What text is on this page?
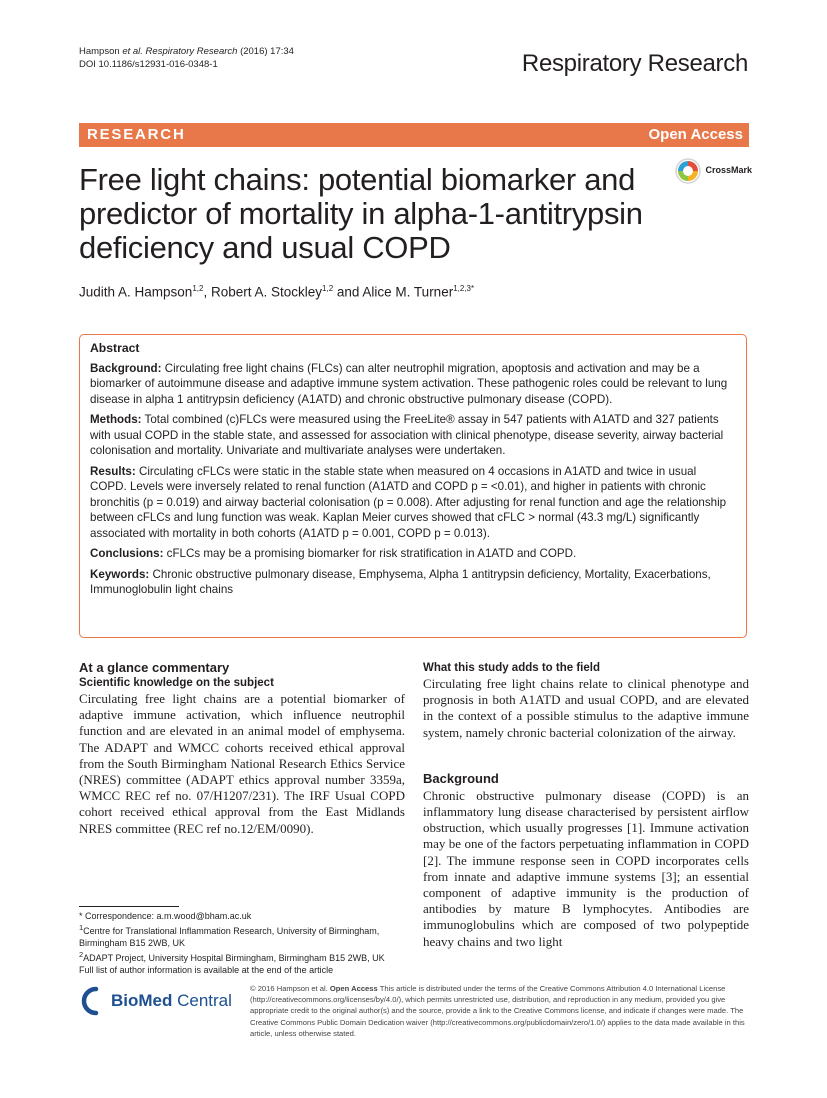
Hampson et al. Respiratory Research (2016) 17:34
DOI 10.1186/s12931-016-0348-1	Respiratory Research
RESEARCH	Open Access
CrossMark
Free light chains: potential biomarker and predictor of mortality in alpha-1-antitrypsin deficiency and usual COPD
Judith A. Hampson$^{1,2}$, Robert A. Stockley$^{1,2}$ and Alice M. Turner$^{1,2,3*}$

Abstract

Background: Circulating free light chains (FLCs) can alter neutrophil migration, apoptosis and activation and may be a biomarker of autoimmune disease and adaptive immune system activation. These pathogenic roles could be relevant to lung disease in alpha 1 antitrypsin deficiency (A1ATD) and chronic obstructive pulmonary disease (COPD).

Methods: Total combined (c)FLCs were measured using the FreeLite® assay in 547 patients with A1ATD and 327 patients with usual COPD in the stable state, and assessed for association with clinical phenotype, disease severity, airway bacterial colonisation and mortality. Univariate and multivariate analyses were undertaken.

Results: Circulating cFLCs were static in the stable state when measured on 4 occasions in A1ATD and twice in usual COPD. Levels were inversely related to renal function (A1ATD and COPD p = <0.01), and higher in patients with chronic bronchitis (p = 0.019) and airway bacterial colonisation (p = 0.008). After adjusting for renal function and age the relationship between cFLCs and lung function was weak. Kaplan Meier curves showed that cFLC > normal (43.3 mg/L) significantly associated with mortality in both cohorts (A1ATD p = 0.001, COPD p = 0.013).

Conclusions: cFLCs may be a promising biomarker for risk stratification in A1ATD and COPD.

Keywords: Chronic obstructive pulmonary disease, Emphysema, Alpha 1 antitrypsin deficiency, Mortality, Exacerbations, Immunoglobulin light chains

At a glance commentary
Scientific knowledge on the subject
Circulating free light chains are a potential biomarker of adaptive immune activation, which influence neutrophil function and are elevated in an animal model of emphysema. The ADAPT and WMCC cohorts received ethical approval from the South Birmingham National Research Ethics Service (NRES) committee (ADAPT ethics approval number 3359a, WMCC REC ref no. 07/H1207/231). The IRF Usual COPD cohort received ethical approval from the East Midlands NRES committee (REC ref no.12/EM/0090).
What this study adds to the field
Circulating free light chains relate to clinical phenotype and prognosis in both A1ATD and usual COPD, and are elevated in the context of a possible stimulus to the adaptive immune system, namely chronic bacterial colonization of the airway.
Background
Chronic obstructive pulmonary disease (COPD) is an inflammatory lung disease characterised by persistent airflow obstruction, which usually progresses [1]. Immune activation may be one of the factors perpetuating inflammation in COPD [2]. The immune response seen in COPD incorporates cells from innate and adaptive immune systems [3]; an essential component of adaptive immunity is the production of antibodies by mature B lymphocytes. Antibodies are immunoglobulins which are composed of two polypeptide heavy chains and two light
* Correspondence: a.m.wood@bham.ac.uk
$^1$Centre for Translational Inflammation Research, University of Birmingham, Birmingham B15 2WB, UK
$^2$ADAPT Project, University Hospital Birmingham, Birmingham B15 2WB, UK
Full list of author information is available at the end of the article
BioMed Central
© 2016 Hampson et al. Open Access This article is distributed under the terms of the Creative Commons Attribution 4.0 International License (http://creativecommons.org/licenses/by/4.0/), which permits unrestricted use, distribution, and reproduction in any medium, provided you give appropriate credit to the original author(s) and the source, provide a link to the Creative Commons license, and indicate if changes were made. The Creative Commons Public Domain Dedication waiver (http://creativecommons.org/publicdomain/zero/1.0/) applies to the data made available in this article, unless otherwise stated.
